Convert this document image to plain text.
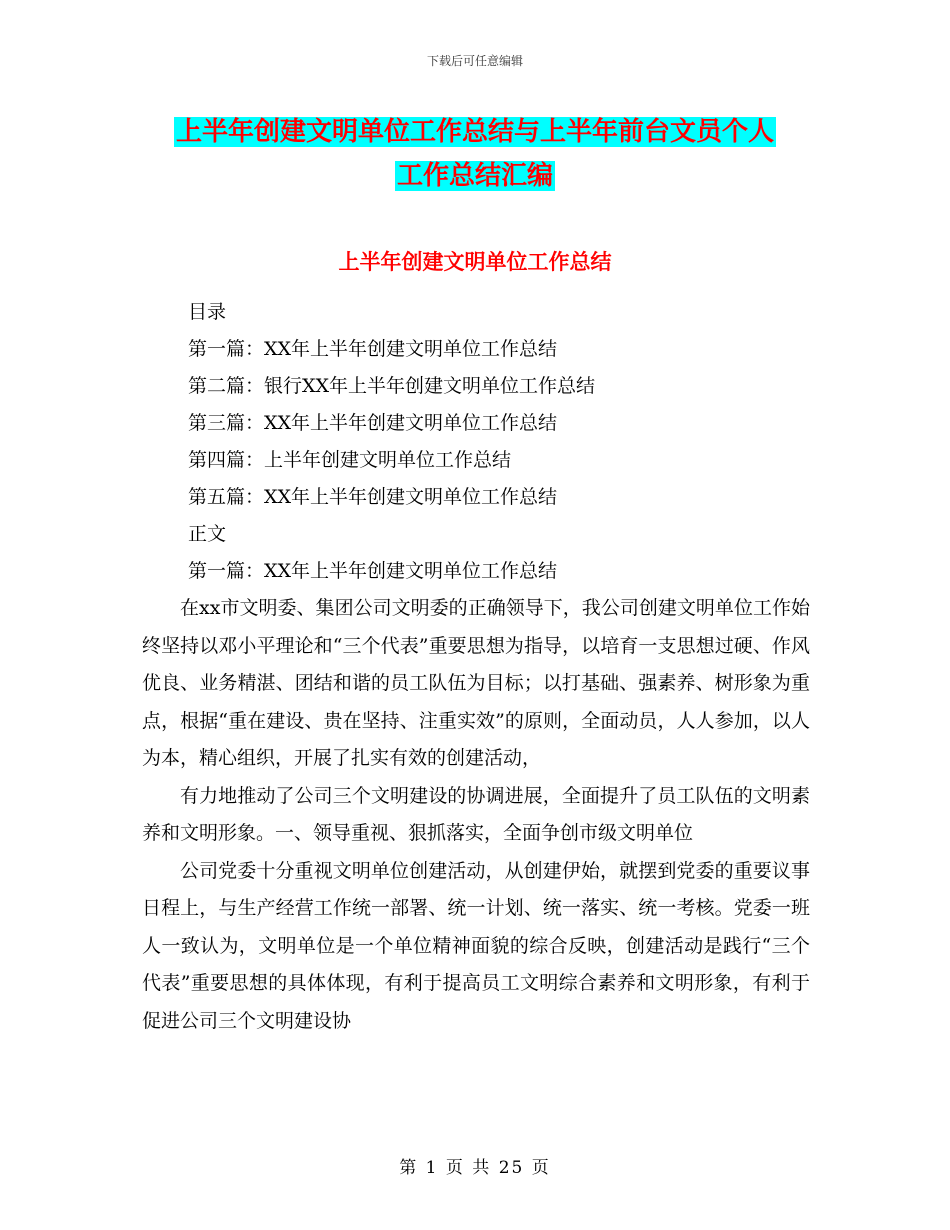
下载后可任意编辑
上半年创建文明单位工作总结与上半年前台文员个人
工作总结汇编
上半年创建文明单位工作总结
目录
第一篇：XX年上半年创建文明单位工作总结
第二篇：银行XX年上半年创建文明单位工作总结
第三篇：XX年上半年创建文明单位工作总结
第四篇：上半年创建文明单位工作总结
第五篇：XX年上半年创建文明单位工作总结
正文
第一篇：XX年上半年创建文明单位工作总结

在xx市文明委、集团公司文明委的正确领导下，我公司创建文明单位工作始终坚持以邓小平理论和“三个代表”重要思想为指导，以培育一支思想过硬、作风优良、业务精湛、团结和谐的员工队伍为目标；以打基础、强素养、树形象为重点，根据“重在建设、贵在坚持、注重实效”的原则，全面动员，人人参加，以人为本，精心组织，开展了扎实有效的创建活动，

有力地推动了公司三个文明建设的协调进展，全面提升了员工队伍的文明素养和文明形象。一、领导重视、狠抓落实，全面争创市级文明单位

公司党委十分重视文明单位创建活动，从创建伊始，就摆到党委的重要议事日程上，与生产经营工作统一部署、统一计划、统一落实、统一考核。党委一班人一致认为，文明单位是一个单位精神面貌的综合反映，创建活动是践行“三个代表”重要思想的具体体现，有利于提高员工文明综合素养和文明形象，有利于促进公司三个文明建设协

第 1 页 共 25 页
